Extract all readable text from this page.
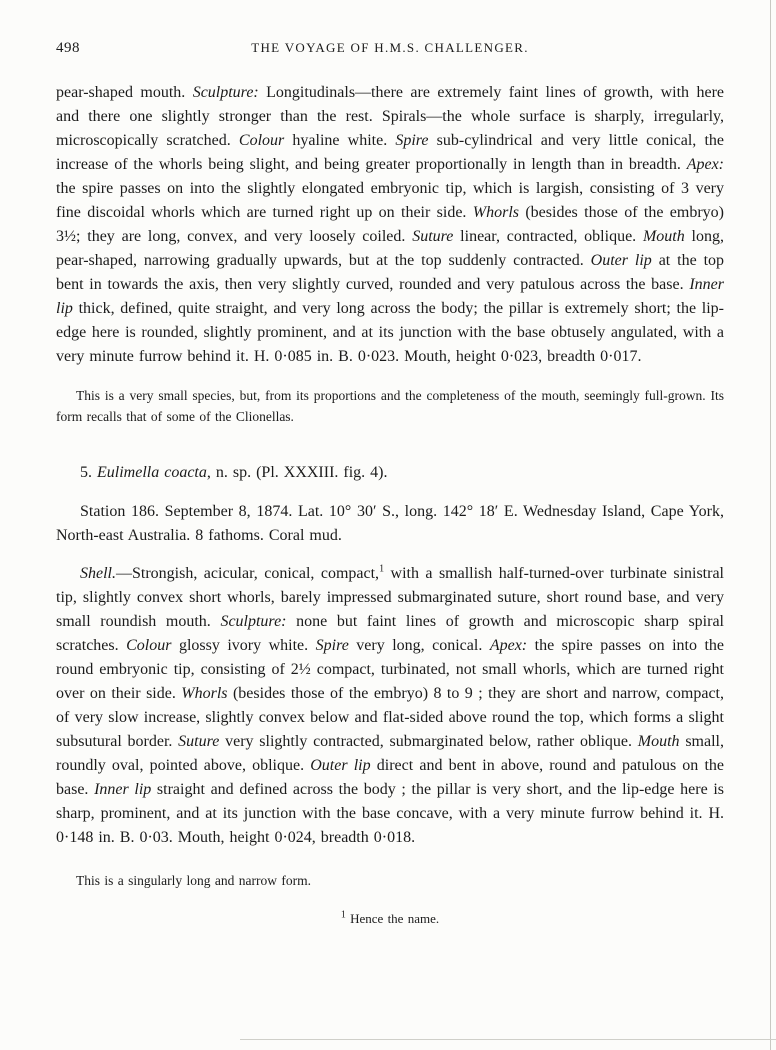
498	THE VOYAGE OF H.M.S. CHALLENGER.

pear-shaped mouth. Sculpture: Longitudinals—there are extremely faint lines of growth, with here and there one slightly stronger than the rest. Spirals—the whole surface is sharply, irregularly, microscopically scratched. Colour hyaline white. Spire sub-cylindrical and very little conical, the increase of the whorls being slight, and being greater proportionally in length than in breadth. Apex: the spire passes on into the slightly elongated embryonic tip, which is largish, consisting of 3 very fine discoidal whorls which are turned right up on their side. Whorls (besides those of the embryo) 3½; they are long, convex, and very loosely coiled. Suture linear, contracted, oblique. Mouth long, pear-shaped, narrowing gradually upwards, but at the top suddenly contracted. Outer lip at the top bent in towards the axis, then very slightly curved, rounded and very patulous across the base. Inner lip thick, defined, quite straight, and very long across the body; the pillar is extremely short; the lip-edge here is rounded, slightly prominent, and at its junction with the base obtusely angulated, with a very minute furrow behind it. H. 0·085 in. B. 0·023. Mouth, height 0·023, breadth 0·017.

This is a very small species, but, from its proportions and the completeness of the mouth, seemingly full-grown. Its form recalls that of some of the Clionellas.

5. Eulimella coacta, n. sp. (Pl. XXXIII. fig. 4).

Station 186. September 8, 1874. Lat. 10° 30′ S., long. 142° 18′ E. Wednesday Island, Cape York, North-east Australia. 8 fathoms. Coral mud.

Shell.—Strongish, acicular, conical, compact,$^1$ with a smallish half-turned-over turbinate sinistral tip, slightly convex short whorls, barely impressed submarginated suture, short round base, and very small roundish mouth. Sculpture: none but faint lines of growth and microscopic sharp spiral scratches. Colour glossy ivory white. Spire very long, conical. Apex: the spire passes on into the round embryonic tip, consisting of 2½ compact, turbinated, not small whorls, which are turned right over on their side. Whorls (besides those of the embryo) 8 to 9 ; they are short and narrow, compact, of very slow increase, slightly convex below and flat-sided above round the top, which forms a slight subsutural border. Suture very slightly contracted, submarginated below, rather oblique. Mouth small, roundly oval, pointed above, oblique. Outer lip direct and bent in above, round and patulous on the base. Inner lip straight and defined across the body ; the pillar is very short, and the lip-edge here is sharp, prominent, and at its junction with the base concave, with a very minute furrow behind it. H. 0·148 in. B. 0·03. Mouth, height 0·024, breadth 0·018.

This is a singularly long and narrow form.

$^1$ Hence the name.
